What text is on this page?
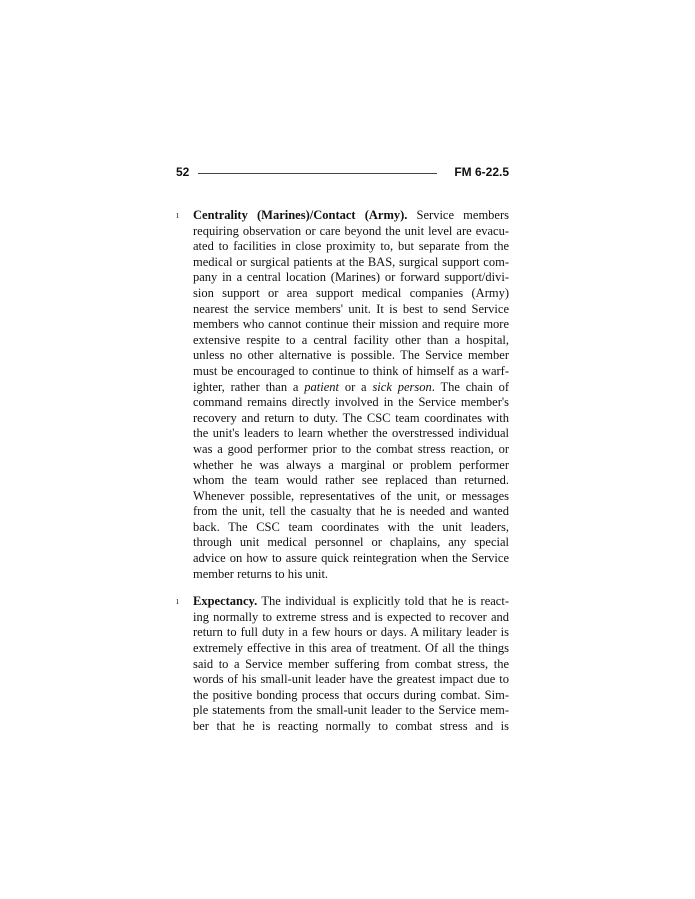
52	FM 6-22.5
ı Centrality (Marines)/Contact (Army). Service members
requiring observation or care beyond the unit level are evacu-
ated to facilities in close proximity to, but separate from the
medical or surgical patients at the BAS, surgical support com-
pany in a central location (Marines) or forward support/divi-
sion support or area support medical companies (Army)
nearest the service members' unit. It is best to send Service
members who cannot continue their mission and require more
extensive respite to a central facility other than a hospital,
unless no other alternative is possible. The Service member
must be encouraged to continue to think of himself as a warf-
ighter, rather than a patient or a sick person. The chain of
command remains directly involved in the Service member's
recovery and return to duty. The CSC team coordinates with
the unit's leaders to learn whether the overstressed individual
was a good performer prior to the combat stress reaction, or
whether he was always a marginal or problem performer
whom the team would rather see replaced than returned.
Whenever possible, representatives of the unit, or messages
from the unit, tell the casualty that he is needed and wanted
back. The CSC team coordinates with the unit leaders,
through unit medical personnel or chaplains, any special
advice on how to assure quick reintegration when the Service
member returns to his unit.
ı Expectancy. The individual is explicitly told that he is react-
ing normally to extreme stress and is expected to recover and
return to full duty in a few hours or days. A military leader is
extremely effective in this area of treatment. Of all the things
said to a Service member suffering from combat stress, the
words of his small-unit leader have the greatest impact due to
the positive bonding process that occurs during combat. Sim-
ple statements from the small-unit leader to the Service mem-
ber that he is reacting normally to combat stress and is
